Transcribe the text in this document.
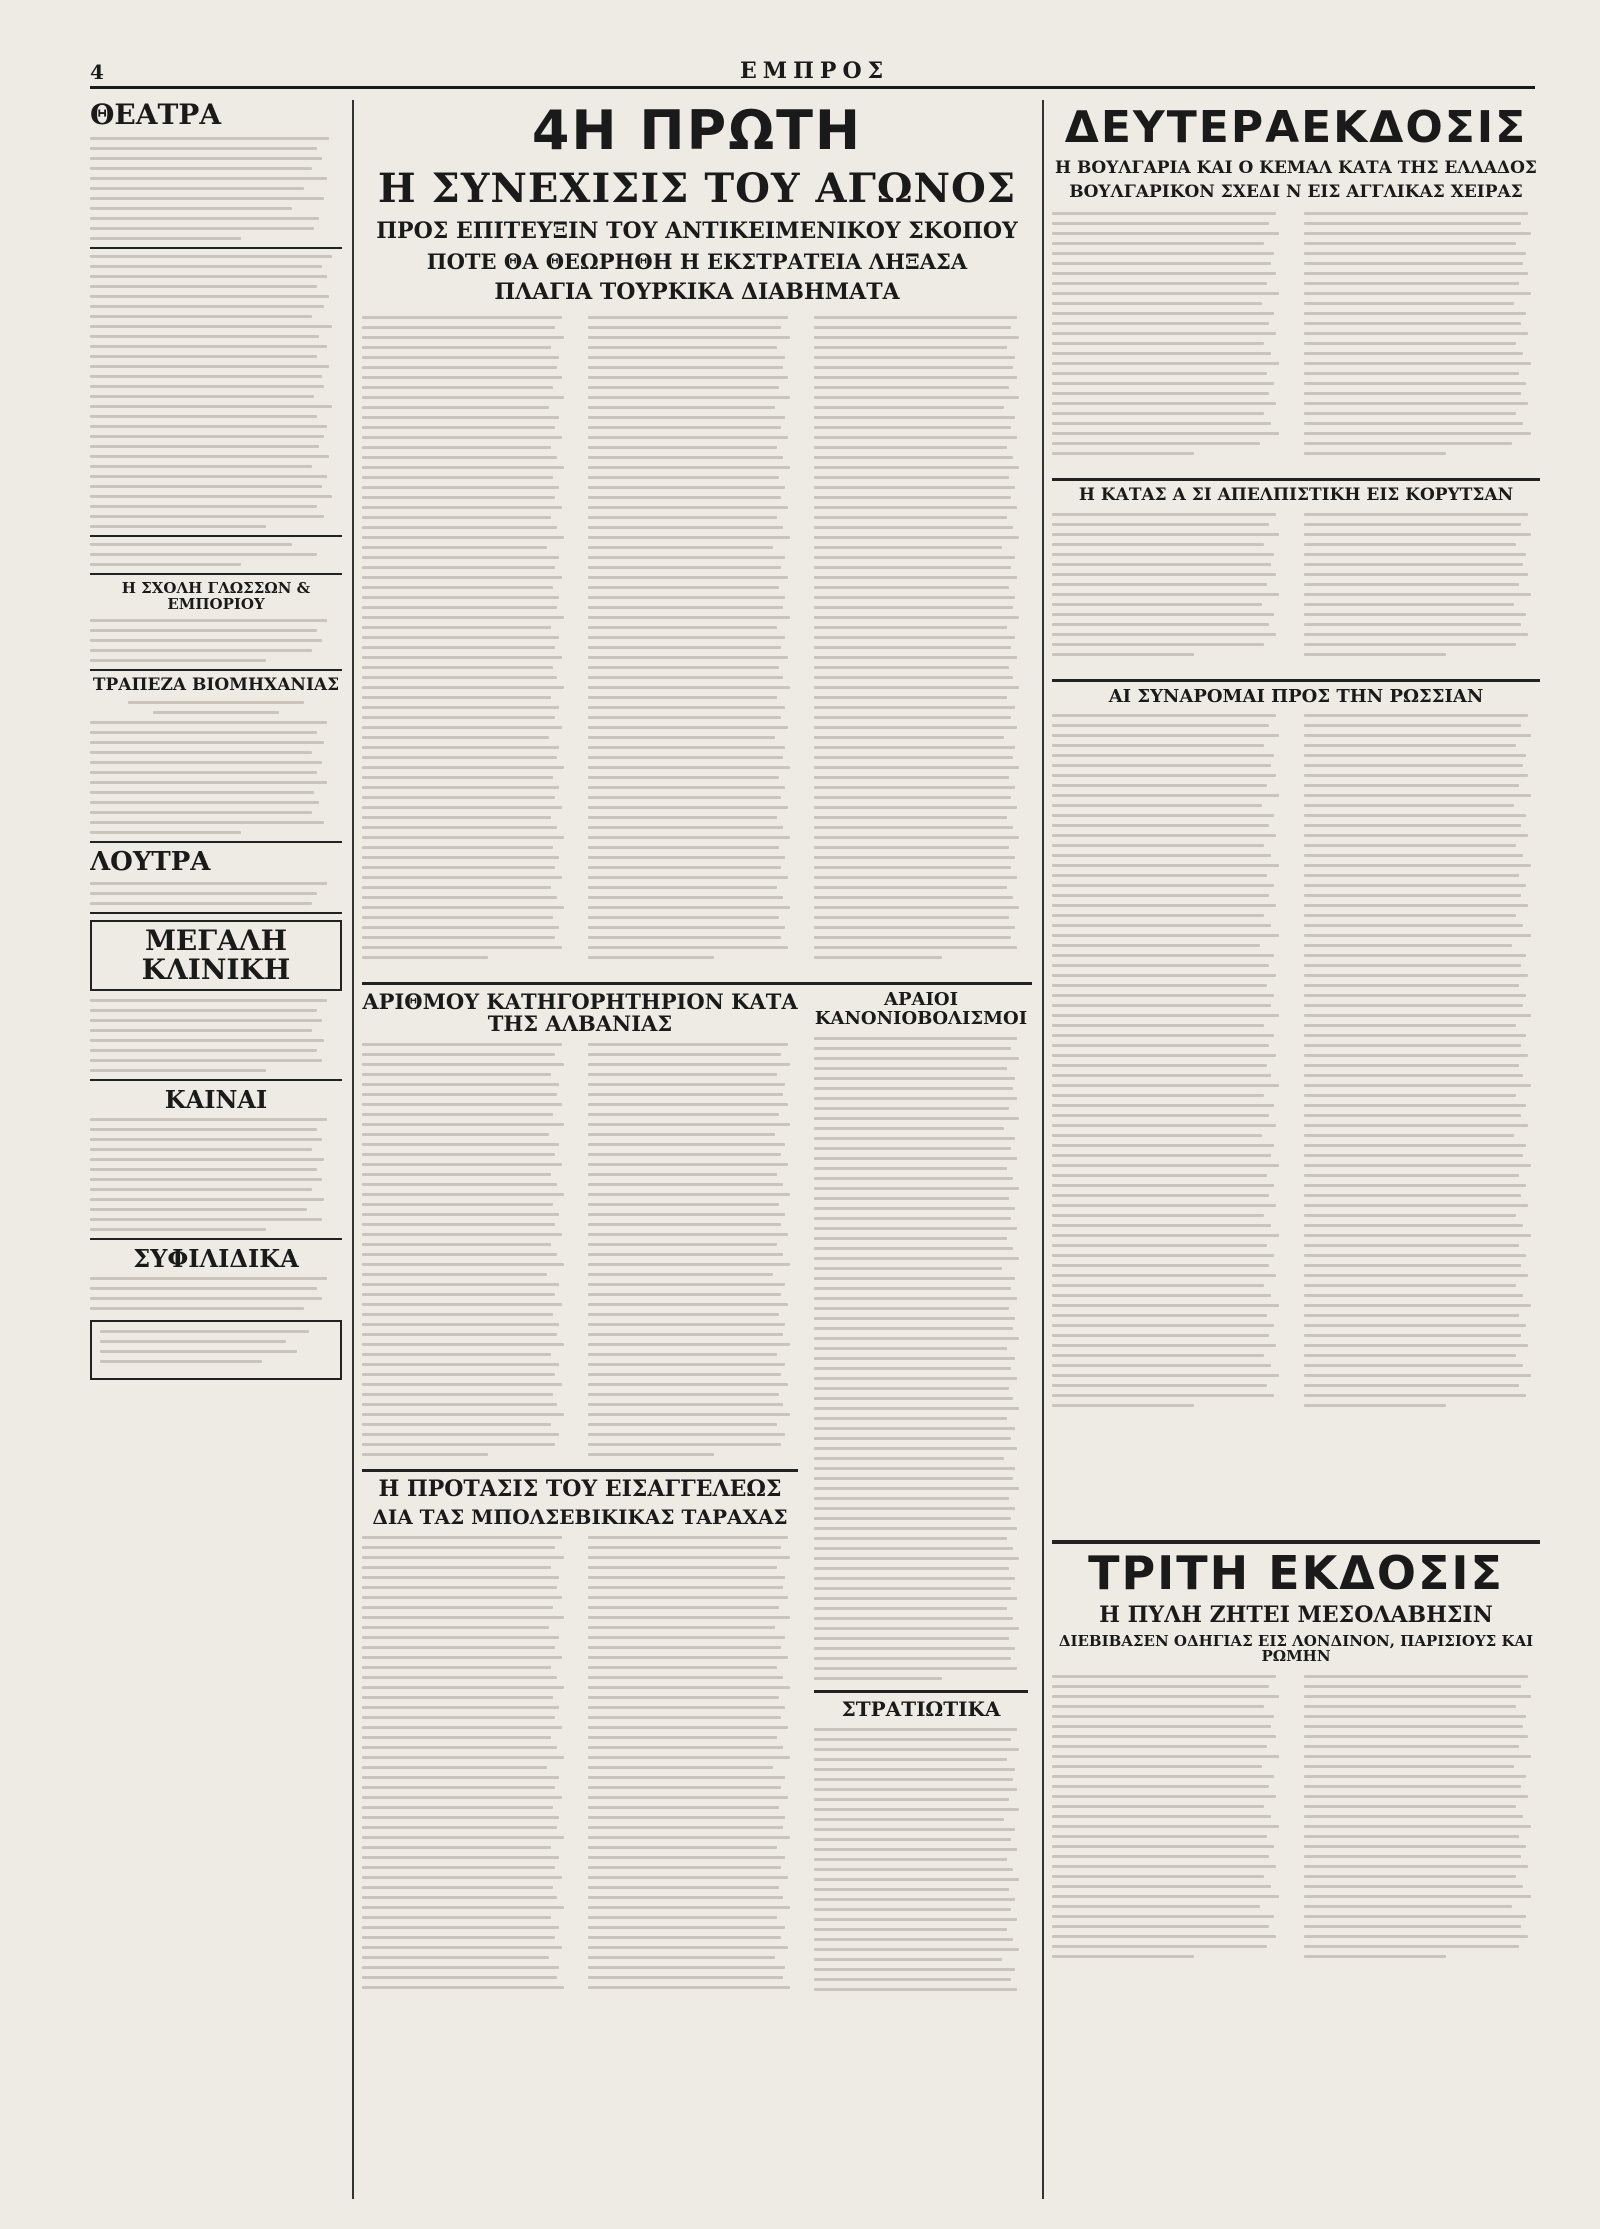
4	ΕΜΠΡΟΣ
ΘΕΑΤΡΑ
Η ΣΧΟΛΗ ΓΛΩΣΣΩΝ & ΕΜΠΟΡΙΟΥ
ΤΡΑΠΕΖΑ ΒΙΟΜΗΧΑΝΙΑΣ
ΛΟΥΤΡΑ
ΜΕΓΑΛΗ ΚΛΙΝΙΚΗ
ΚΑΙΝΑΙ
ΣΥΦΙΛΙΔΙΚΑ
4Η ΠΡΩΤΗ
Η ΣΥΝΕΧΙΣΙΣ ΤΟΥ ΑΓΩΝΟΣ
ΠΡΟΣ ΕΠΙΤΕΥΞΙΝ ΤΟΥ ΑΝΤΙΚΕΙΜΕΝΙΚΟΥ ΣΚΟΠΟΥ
ΠΟΤΕ ΘΑ ΘΕΩΡΗΘΗ Η ΕΚΣΤΡΑΤΕΙΑ ΛΗΞΑΣΑ
ΠΛΑΓΙΑ ΤΟΥΡΚΙΚΑ ΔΙΑΒΗΜΑΤΑ
ΑΡΙΘΜΟΥ ΚΑΤΗΓΟΡΗΤΗΡΙΟΝ ΚΑΤΑ ΤΗΣ ΑΛΒΑΝΙΑΣ
Η ΠΡΟΤΑΣΙΣ ΤΟΥ ΕΙΣΑΓΓΕΛΕΩΣ
ΔΙΑ ΤΑΣ ΜΠΟΛΣΕΒΙΚΙΚΑΣ ΤΑΡΑΧΑΣ
ΑΡΑΙΟΙ ΚΑΝΟΝΙΟΒΟΛΙΣΜΟΙ
ΣΤΡΑΤΙΩΤΙΚΑ
ΔΕΥΤΕΡΑΕΚΔΟΣΙΣ
Η ΒΟΥΛΓΑΡΙΑ ΚΑΙ Ο ΚΕΜΑΛ ΚΑΤΑ ΤΗΣ ΕΛΛΑΔΟΣ
ΒΟΥΛΓΑΡΙΚΟΝ ΣΧΕΔΙ Ν ΕΙΣ ΑΓΓΛΙΚΑΣ ΧΕΙΡΑΣ
Η ΚΑΤΑΣ Α ΣΙ ΑΠΕΛΠΙΣΤΙΚΗ ΕΙΣ ΚΟΡΥΤΣΑΝ
ΑΙ ΣΥΝΑΡΟΜΑΙ ΠΡΟΣ ΤΗΝ ΡΩΣΣΙΑΝ
ΤΡΙΤΗ ΕΚΔΟΣΙΣ
Η ΠΥΛΗ ΖΗΤΕΙ ΜΕΣΟΛΑΒΗΣΙΝ
ΔΙΕΒΙΒΑΣΕΝ ΟΔΗΓΙΑΣ ΕΙΣ ΛΟΝΔΙΝΟΝ, ΠΑΡΙΣΙΟΥΣ ΚΑΙ ΡΩΜΗΝ
